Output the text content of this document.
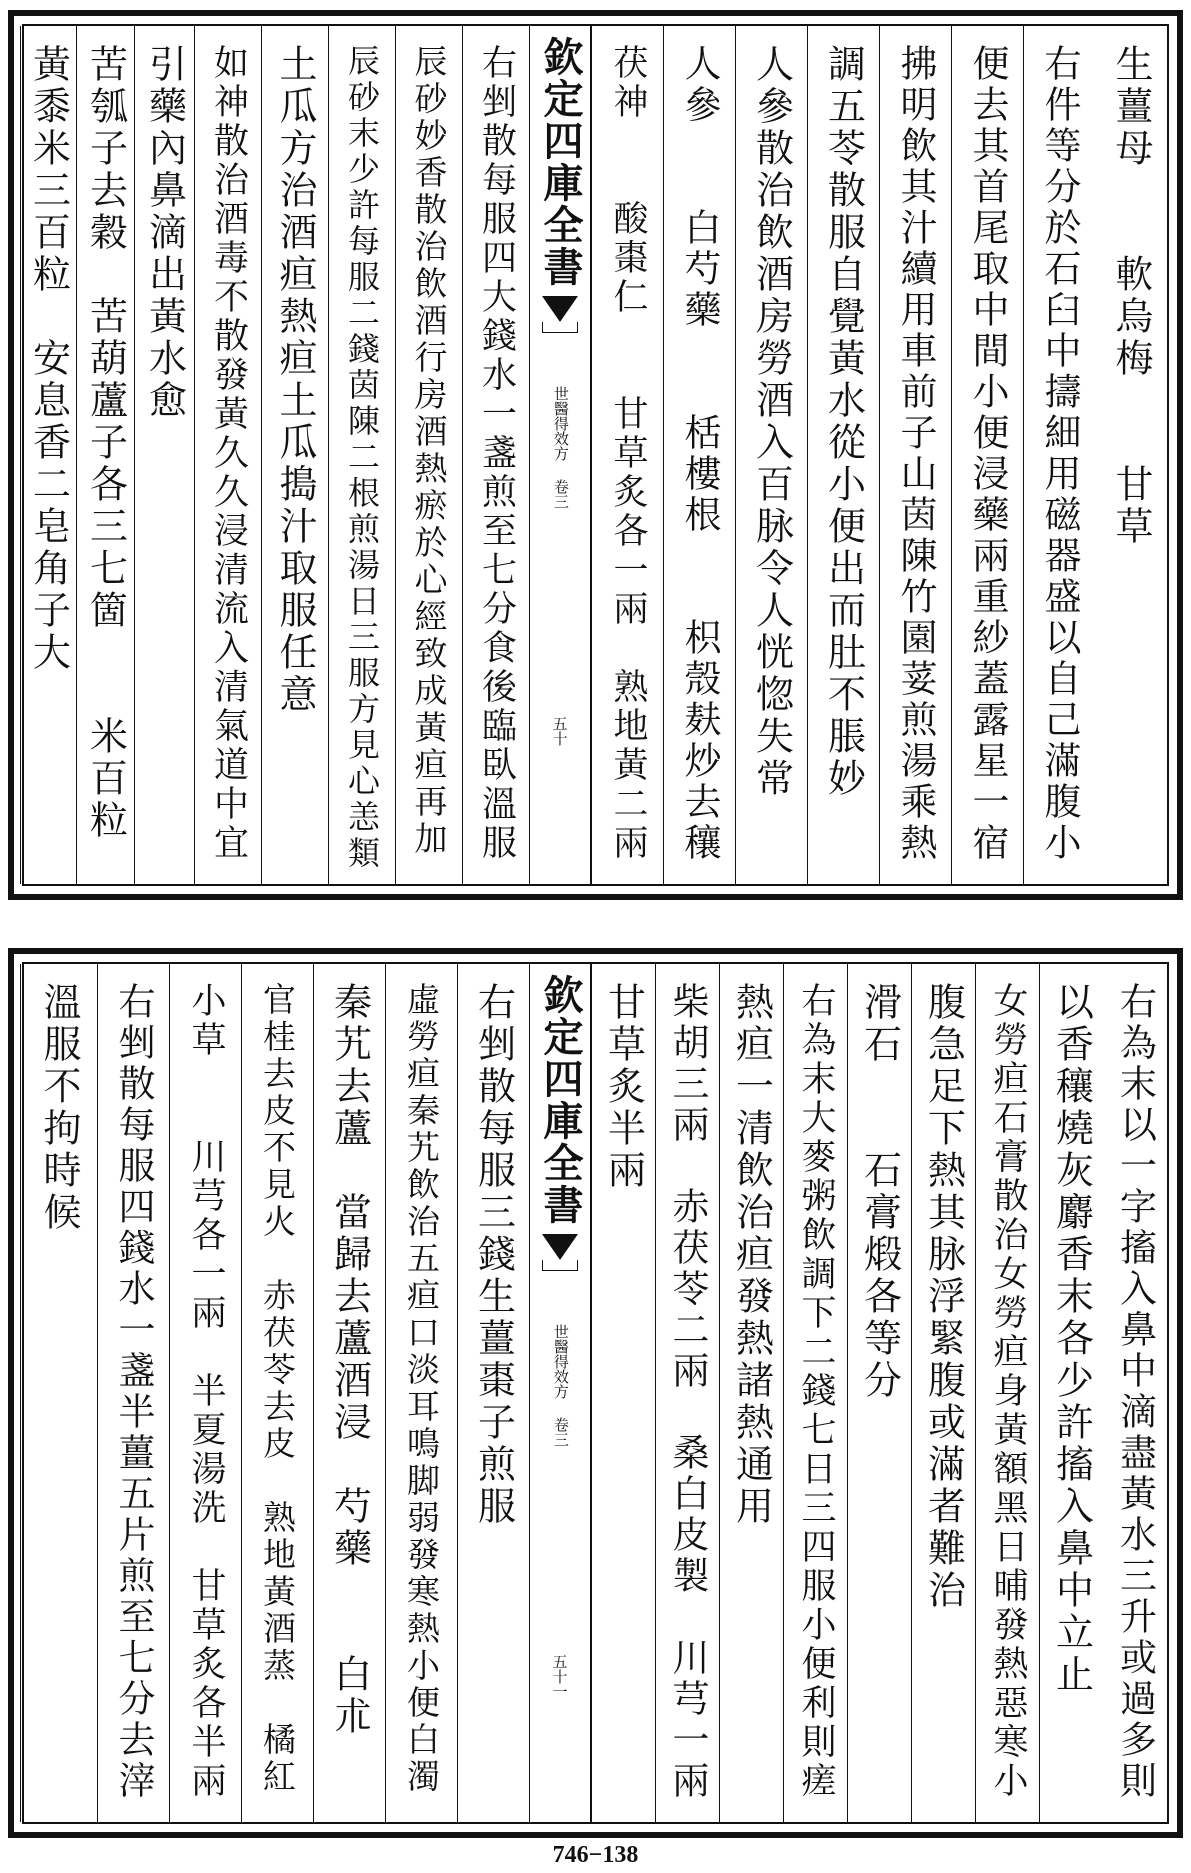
生薑母　　軟烏梅　　甘草
右件等分於石臼中擣細用磁器盛以自己滿腹小
便去其首尾取中間小便浸藥兩重紗蓋露星一宿
拂明飲其汁續用車前子山茵陳竹園荽煎湯乘熱
調五苓散服自覺黃水從小便出而肚不脹妙
人參散治飲酒房勞酒入百脉令人恍惚失常
人參　　白芍藥　　栝樓根　　枳殼麸炒去穰
茯神　　酸棗仁　　甘草炙各一兩　熟地黃二兩
欽定四庫全書
世醫得效方 卷三
五十
右剉散每服四大錢水一盞煎至七分食後臨臥溫服
辰砂妙香散治飲酒行房酒熱瘀於心經致成黃疸再加
辰砂末少許每服二錢茵陳二根煎湯日三服方見心恙類
土瓜方治酒疸熱疸土瓜搗汁取服任意
如神散治酒毒不散發黃久久浸清流入清氣道中宜
引藥內鼻滴出黃水愈
苦瓠子去穀　苦葫蘆子各三七箇　　米百粒
黃黍米三百粒　安息香二皂角子大
右為末以一字搐入鼻中滴盡黃水三升或過多則
以香穰燒灰麝香末各少許搐入鼻中立止
女勞疸石膏散治女勞疸身黃額黑日晡發熱惡寒小
腹急足下熱其脉浮緊腹或滿者難治
滑石　　石膏煅各等分
右為末大麥粥飲調下二錢七日三四服小便利則瘥
熱疸一清飲治疸發熱諸熱通用
柴胡三兩　赤茯苓二兩　桑白皮製　川芎一兩
甘草炙半兩
欽定四庫全書
世醫得效方 卷三
五十一
右剉散每服三錢生薑棗子煎服
虛勞疸秦艽飲治五疸口淡耳鳴脚弱發寒熱小便白濁
秦艽去蘆　當歸去蘆酒浸　芍藥　　白朮
官桂去皮不見火　赤茯苓去皮　熟地黃酒蒸　橘紅
小草　　川芎各一兩　半夏湯洗　甘草炙各半兩
右剉散每服四錢水一盞半薑五片煎至七分去滓
溫服不拘時候
746−138
